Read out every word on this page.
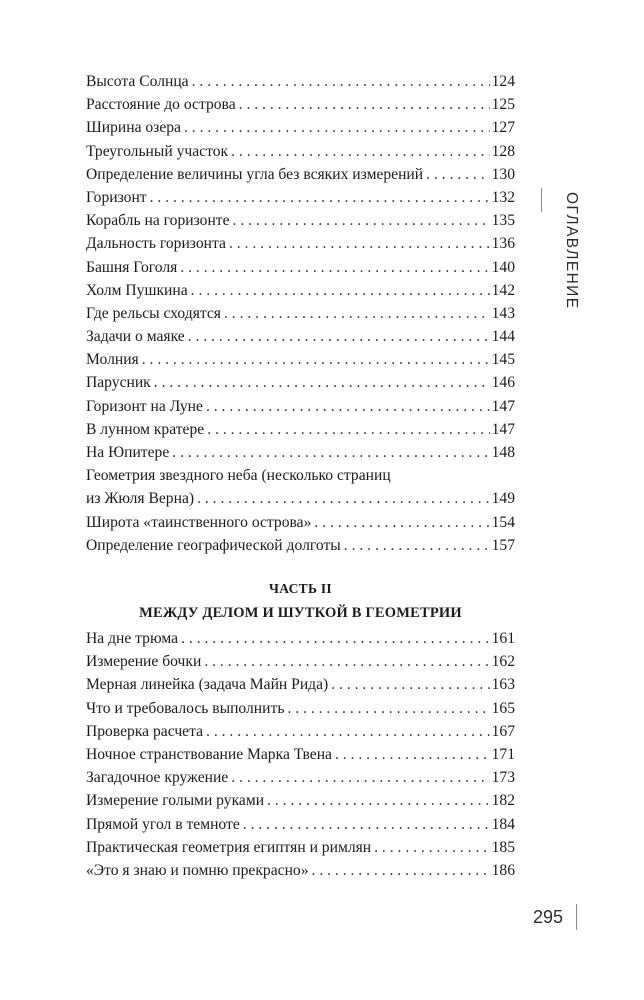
Высота Солнца . . .	124
Расстояние до острова . . .	125
Ширина озера . . .	127
Треугольный участок . . .	128
Определение величины угла без всяких измерений . . .	130
Горизонт . . .	132
Корабль на горизонте . . .	135
Дальность горизонта . . .	136
Башня Гоголя . . .	140
Холм Пушкина . . .	142
Где рельсы сходятся . . .	143
Задачи о маяке . . .	144
Молния . . .	145
Парусник . . .	146
Горизонт на Луне . . .	147
В лунном кратере . . .	147
На Юпитере . . .	148
Геометрия звездного неба (несколько страниц
из Жюля Верна) . . .	149
Широта «таинственного острова» . . .	154
Определение географической долготы . . .	157
ЧАСТЬ II
МЕЖДУ ДЕЛОМ И ШУТКОЙ В ГЕОМЕТРИИ
На дне трюма . . .	161
Измерение бочки . . .	162
Мерная линейка (задача Майн Рида) . . .	163
Что и требовалось выполнить . . .	165
Проверка расчета . . .	167
Ночное странствование Марка Твена . . .	171
Загадочное кружение . . .	173
Измерение голыми руками . . .	182
Прямой угол в темноте . . .	184
Практическая геометрия египтян и римлян . . .	185
«Это я знаю и помню прекрасно» . . .	186
ОГЛАВЛЕНИЕ
295
